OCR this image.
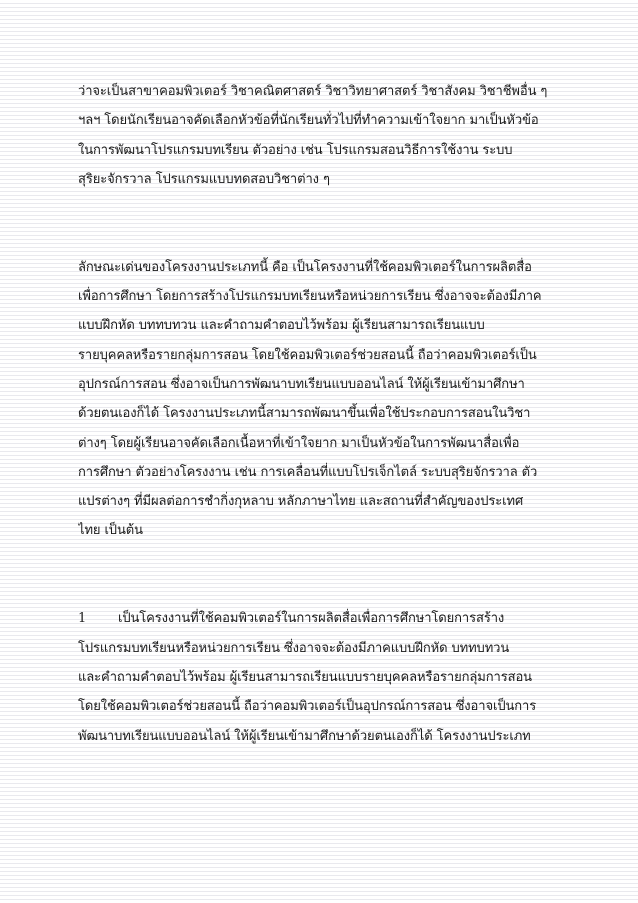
ว่าจะเป็นสาขาคอมพิวเตอร์ วิชาคณิตศาสตร์ วิชาวิทยาศาสตร์ วิชาสังคม วิชาชีพอื่น ๆ
ฯลฯ โดยนักเรียนอาจคัดเลือกหัวข้อที่นักเรียนทั่วไปที่ทำความเข้าใจยาก มาเป็นหัวข้อ
ในการพัฒนาโปรแกรมบทเรียน ตัวอย่าง เช่น โปรแกรมสอนวิธีการใช้งาน ระบบ
สุริยะจักรวาล โปรแกรมแบบทดสอบวิชาต่าง ๆ
ลักษณะเด่นของโครงงานประเภทนี้ คือ เป็นโครงงานที่ใช้คอมพิวเตอร์ในการผลิตสื่อ
เพื่อการศึกษา โดยการสร้างโปรแกรมบทเรียนหรือหน่วยการเรียน ซึ่งอาจจะต้องมีภาค
แบบฝึกหัด บททบทวน และคำถามคำตอบไว้พร้อม ผู้เรียนสามารถเรียนแบบ
รายบุคคลหรือรายกลุ่มการสอน โดยใช้คอมพิวเตอร์ช่วยสอนนี้ ถือว่าคอมพิวเตอร์เป็น
อุปกรณ์การสอน ซึ่งอาจเป็นการพัฒนาบทเรียนแบบออนไลน์ ให้ผู้เรียนเข้ามาศึกษา
ด้วยตนเองก็ได้ โครงงานประเภทนี้สามารถพัฒนาขึ้นเพื่อใช้ประกอบการสอนในวิชา
ต่างๆ โดยผู้เรียนอาจคัดเลือกเนื้อหาที่เข้าใจยาก มาเป็นหัวข้อในการพัฒนาสื่อเพื่อ
การศึกษา ตัวอย่างโครงงาน เช่น การเคลื่อนที่แบบโปรเจ็กไตล์ ระบบสุริยจักรวาล ตัว
แปรต่างๆ ที่มีผลต่อการชำกิ่งกุหลาบ หลักภาษาไทย และสถานที่สำคัญของประเทศ
ไทย เป็นต้น
1 เป็นโครงงานที่ใช้คอมพิวเตอร์ในการผลิตสื่อเพื่อการศึกษาโดยการสร้าง
โปรแกรมบทเรียนหรือหน่วยการเรียน ซึ่งอาจจะต้องมีภาคแบบฝึกหัด บททบทวน
และคำถามคำตอบไว้พร้อม ผู้เรียนสามารถเรียนแบบรายบุคคลหรือรายกลุ่มการสอน
โดยใช้คอมพิวเตอร์ช่วยสอนนี้ ถือว่าคอมพิวเตอร์เป็นอุปกรณ์การสอน ซึ่งอาจเป็นการ
พัฒนาบทเรียนแบบออนไลน์ ให้ผู้เรียนเข้ามาศึกษาด้วยตนเองก็ได้ โครงงานประเภท
